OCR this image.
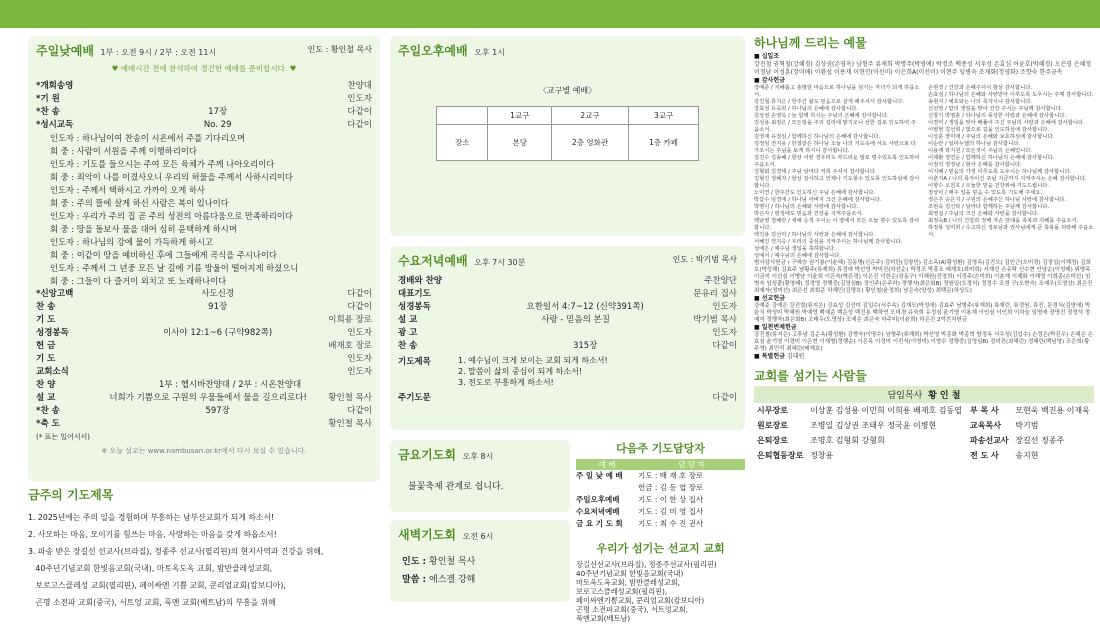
주일낮예배 1부 : 오전 9시 / 2부 : 오전 11시	인도 : 황인철 목사
♥ 예배시간 전에 참석하여 경건한 예배를 준비합시다. ♥
*개회송영	찬양대
*기 원	인도자
*찬 송	17장	다같이
*성시교독	No. 29	다같이
인도자 : 하나님이여 찬송이 시온에서 주를 기다리오며
회 중 : 사람이 서원을 주께 이행하리이다
인도자 : 기도를 들으시는 주여 모든 육체가 주께 나아오리이다
회 중 : 죄악이 나를 이겼사오니 우리의 허물을 주께서 사하시리이다
인도자 : 주께서 택하시고 가까이 오게 하사
회 중 : 주의 뜰에 살게 하신 사람은 복이 있나이다
인도자 : 우리가 주의 집 곧 주의 성전의 아름다움으로 만족하리이다
회 중 : 땅을 돌보사 물을 대어 심히 윤택하게 하시며
인도자 : 하나님의 강에 물이 가득하게 하시고
회 중 : 이같이 땅을 예비하신 후에 그들에게 곡식을 주시나이다
인도자 : 주께서 그 년중 모든 날 길에 기름 방울이 떨어지게 하셨으니
회 중 : 그들이 다 즐거이 외치고 또 노래하나이다
*신앙고백	사도신경	다같이
찬 송	91장	다같이
기 도	이희용 장로
성경봉독	이사야 12:1~6 (구약982쪽)	인도자
헌 금	배재호 장로
기 도	인도자
교회소식	인도자
찬 양	1부 : 헵시바찬양대 / 2부 : 시온찬양대
설 교	너희가 기쁨으로 구원의 우물들에서 물을 길으리로다!	황인철 목사
*찬 송	597장	다같이
*축 도	황인철 목사
(* 표는 일어서서)
※ 오늘 설교는 www.nambusan.or.kr에서 다시 보실 수 있습니다.
금주의 기도제목
1. 2025년에는 주의 일을 경험하며 부흥하는 남부산교회가 되게 하소서!
2. 사모하는 마음, 모이기를 힘쓰는 마음, 사랑하는 마음을 갖게 하옵소서!
3. 파송 받은 장길선 선교사(브라질), 정종주 선교사(필리핀)의 현지사역과 건강을 위해,
40주년기념교회 한빛음교회(국내), 마토옥도옥 교회, 밤반클레성교회,
보로고스클레성 교회(필리핀), 페이싸엔 기쁨 교회, 쿤리엄교회(캄보디아),
곤명 소전파 교회(중국), 서트엉 교회, 푹맨 교회(베트남)의 부흥을 위해
주일오후예배 오후 1시
〈교구별 예배〉
	1교구	2교구	3교구
장소	본당	2층 영화관	1층 카페
수요저녁예배 오후 7시 30분	인도 : 박기범 목사
경배와 찬양	주찬양단
대표기도	문유리 집사
성경봉독	요한일서 4:7~12 (신약391쪽)	인도자
설 교	사랑 - 믿음의 본질	박기범 목사
광 고	인도자
찬 송	315장	다같이
기도제목	1. 예수님이 크게 보이는 교회 되게 하소서!
2. 말씀이 삶의 중심이 되게 하소서!
3. 전도로 부흥하게 하소서!
주기도문	다같이
금요기도회 오후 8시
불꽃축제 관계로 쉽니다.
새벽기도회 오전 6시
인도 : 황인철 목사
말씀 : 에스겔 강해
다음주 기도담당자
예 배	담 당 자
주 일 낮 예 배	기도 : 배 재 호 장로
헌금 : 김 동 엽 장로
주일오후예배	기도 : 이 한 상 집사
수요저녁예배	기도 : 김 미 영 집사
금 요 기 도 회	기도 : 최 수 진 권사
우리가 섬기는 선교지 교회
장길선선교사(브라질), 정종주선교사(필리핀)
40주년기념교회 한빛음교회(국내)
마토옥도옥교회, 밤반클레성교회,
보로고스클레성교회(필리핀),
페이싸엔기쁨교회, 쿤리엄교회(캄보디아)
곤명 소전파교회(중국), 서트엉교회,
푹맨교회(베트남)
하나님께 드리는 예물
■ 십일조
강진철 권혁철(강혜경) 김상권(손영옥) 남형주 류재희 박명주(박영애) 박정조 백종성 서우성 손효심 어윤호(박혜경) 오은영 은혜정 이정남 이성훈(장미애) 이환섭 이용재 이현민(이선미) 이은희A(이선미) 이현주 임병숙 조재화(정영화) 조향숙 한주금속
■ 감사헌금
강예준 / 지혜롭고 총명한 마음으로 하나님을 섬기는 자녀가 되게 하옵소서.
강진철 류지은 / 한주간 삶도 믿음으로 살게 해주셔서 감사합니다.
강효성 유숙희 / 하나님의 은혜에 감사합니다.
김상권 손영옥 / 늘 함께 하시는 주님의 은혜에 감사합니다.
김성용 최정은 / 모든일을 주의 섭리에 맡기오니 선한 길로 인도하여 주옵소서.
김영재 유정심 / 함께하신 하나님의 은혜에 감사합니다.
김정임 전지웅 / 한결같은 하나님 오늘 나의 기도속에 서도 사랑으로 다가오시는 주님을 보게 하시니 감사합니다.
김진수 김송혜 / 항상 어떤 경우라도 부드러운 말로 평수있도록 인도하여 주옵소서.
김형회 김경태 / 주님 날마다 저희 주셔서 감사합니다.
김형진 정혜자 / 항상 감사하고 언제나 기도할수 있도록 인도하심에 감사합니다.
노미연 / 한주간도 인도하신 주님 은혜에 감사합니다.
박갑수 임경애 / 하나님 아버지 크신 은혜에 감사합니다.
박명이 / 하나님의 은혜와 사랑에 감사합니다.
박은자 / 평생에도 믿음과 건강을 지켜주옵소서.
백남영 정혜란 / 새해 승적 주시는 이 땅에서 모든 오늘 평수 있도록 감사합니다.
백진용 김선미 / 하나님의 사랑과 은혜에 감사합니다.
서혜진 전지응 / 우리의 중심을 지켜주시는 하나님께 감사합니다.
성예은 / 예수님 생일을 축하합니다.
성예서 / 예수님의 은혜에 감사합니다.
손현경 / 건강과 은혜주셔서 항상 감사합니다.
손효심 / 하나님의 은혜와 사랑받아 이루도록 도우시는 주께 감사합니다.
송현지 / 예호와는 나의 목자시니 감사합니다.
신선영 / 받의 생일을 맞아 건강 주시는 주님께 감사합니다.
신창기 박영훈 / 하나님의 풍성한 사랑과 은혜에 감사합니다.
이경미 / 생일을 맞아 배풀어 주신 주님의 사랑과 은혜에 감사합니다.
이병현 김선희 / 빛으로 길을 인도하심에 감사합니다.
이상훈 장미애 / 주님의 은혜와 보호하심에 감사합니다.
이순란 / 일마누엘의 하나님 감사합니다.
이용재 곽지원 / 모든것이 주님의 은혜입니다.
이재환 정연순 / 함께하신 하나님의 은혜에 감사합니다.
이정석 정정남 / 현사 은혜를 감사합니다.
이지혜 / 믿음의 가정 이루도록 도우시는 하나님께 감사합니다.
이춘지A / 나의 목자이신 주님 지금까지 지켜주시는 은혜 감사합니다.
이향수 오원호 / 오늘한 믿음 건강위해 기도드립니다.
정상미 / 매주 일을 믿음 수 있도록 기도해 주세요.
정은주 승은지 / 구원의 은혜주신 하나님 사랑에 감사합니다.
조현숙 김신탁 / 날마다 함께하는 주님께 감사합니다.
최영실 / 주님의 크신 은혜와 사랑을 감사합니다.
최정숙B / 나의 건강과 정해 자손 만대을 축복과 지혜를 주옵소서.
하정봉 성미희 / 수고하신 정로님과 권사님에게 큰 축복을 허락해 주옵소서.
범사감사헌금 / 구예승 권기봉(이윤혜) 김동명(신은주) 김미란(김창민) 김소옥(A(황성환) 김영옥(김진오) 김인근(오미경) 김정섭(이해정) 김희호(박성해) 김효주 남황주(류재희) 류경애 박선영 박미진(차선순) 박정조 박흥조 배재호(최미희) 서재선 손유탁 신수현 안남순(이성배) 위명옥 이금지 이선심 이병남 이윤희 이은숙(박은경) 이은진 이한순(장동구) 이해원(전정희) 이정주(손미희) 이춘재 이제화 이해영 이희종(손미선) 임병숙 임성출(황영태) 정경영 정행중(김영심B) 정인주(은주하) 정행자(최은회B) 정원일(오경석) 정정수 조경 구(오현숙) 조예우(도영상) 최은진 최예자(정미선) 최은선 최회준 하혜민(김명호) 황인철(윤정희) 남은숙(양성) 최택문(하상도)
■ 선교헌금
강예준 강예은 강진철(류지은) 강효성 김선미 김입수(서수옥) 김재모(박성애) 김효주 남형주(류재희) 류재린, 류정원, 류진, 문경식(김영애) 박윤식 박성미 박혜원 박예영 백예준 백은성 백진용 백하연 오미경 유숙희 유정심 윤기영 이용재 이인심 이인희 이하늘 임명애 장명진 정정석 정예지 정행자(최은회B) 조태우(도영상) 조예은 최은숙 하주미(이윤희) 하은진 2억친지헌금
■ 일천번제헌금
강진철(류지은) 고후남 김순옥(황성환) 김향숙(이명수) 남형주(류재희) 박선영 박종화 박종혁 방정옥 서우성(김입수) 손정은(박진우) 손해은 손효심 윤기영 이경미 이은현 이재명(정행순) 이은옥 이정미 이진석(이영미) 이향수 정행중(김영심B) 정미진(최혜린) 정혜란(백남영) 조은희(황주영) 최민석 최혜린(배재호)
■ 특별헌금 김대원
교회를 섬기는 사람들
담임목사 황 인 철
시무장로	이상훈 김성용 이민희 이희용 배재호 김동엽	부 목 사	모현욱 백진용 이재욱
원로장로	조병일 김상권 조태우 정국윤 이병현	교육목사	박기범
은퇴장로	조명호 김형회 강형희	파송선교사	장길선 정종주
은퇴협동장로	정창용	전 도 사	송지현
